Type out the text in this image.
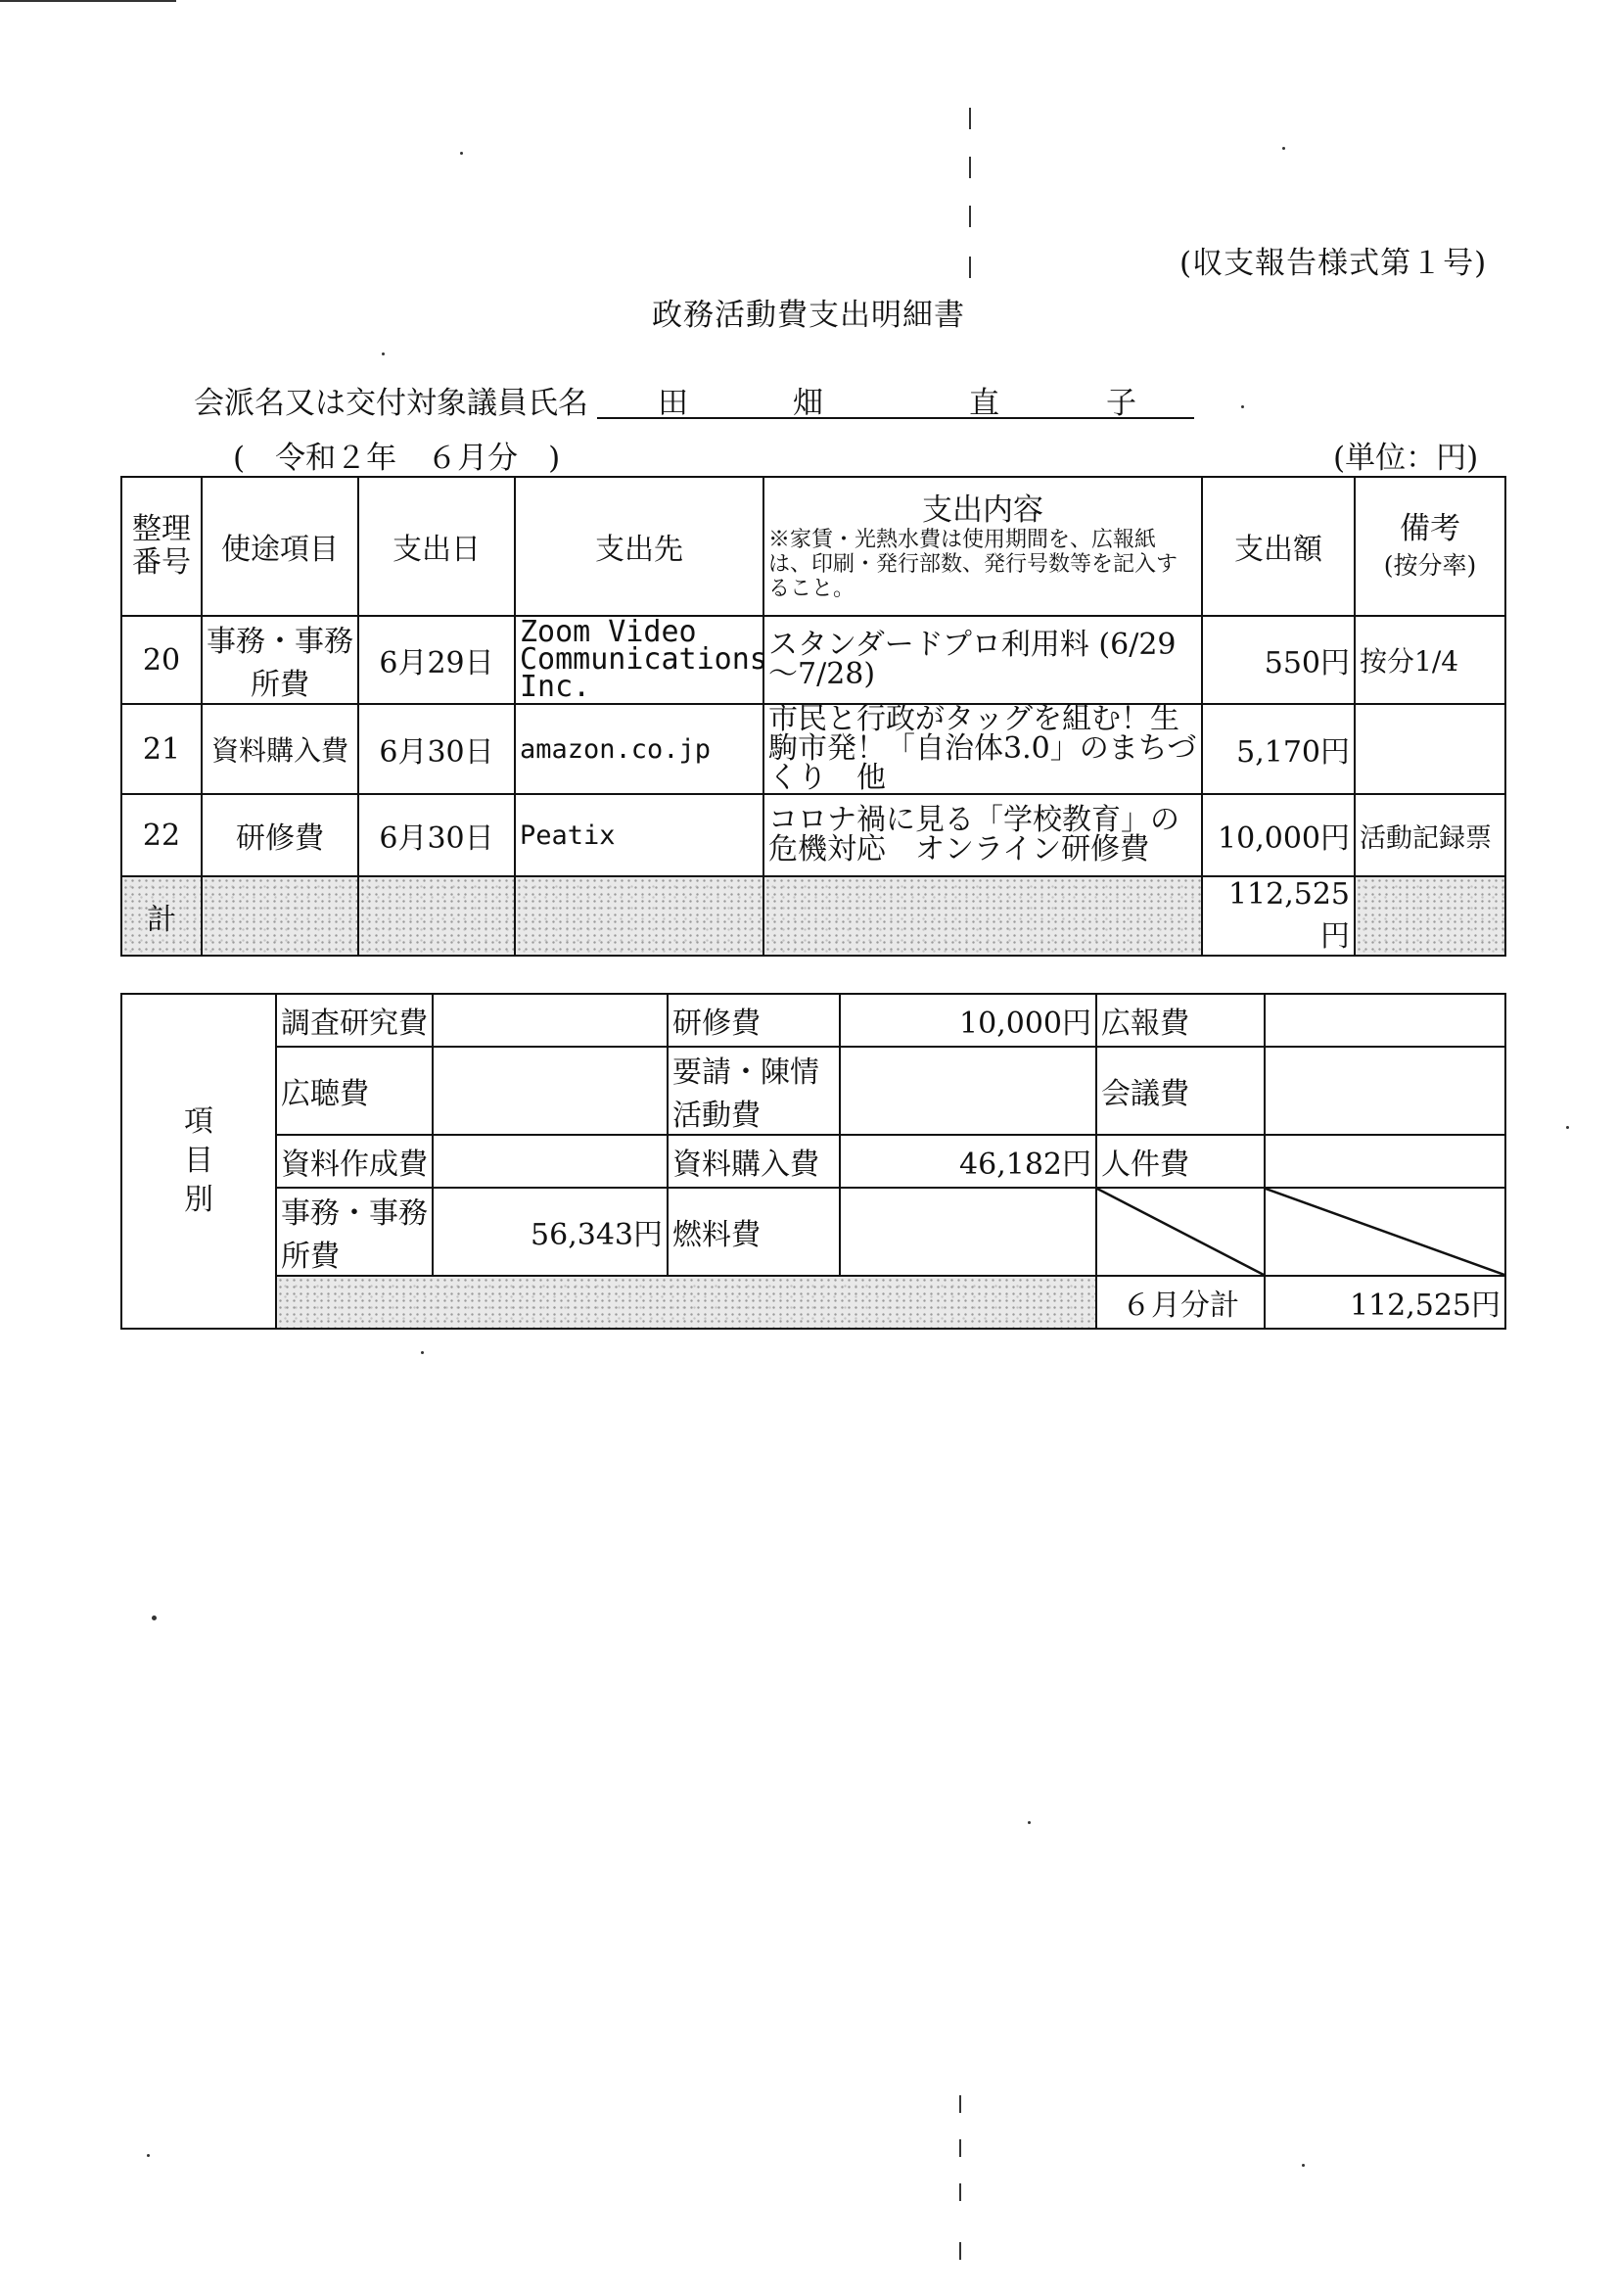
(収支報告様式第１号)
政務活動費支出明細書
会派名又は交付対象議員氏名 田	畑	直	子
(　令和２年　６月分　)	(単位：円)
整理番号	使途項目	支出日	支出先	支出内容
※家賃・光熱水費は使用期間を、広報紙は、印刷・発行部数、発行号数等を記入すること。	支出額	備考
(按分率)

20	事務・事務所費	6月29日	Zoom Video Communications Inc.	スタンダードプロ利用料 (6/29～7/28)	550円	按分1/4
21	資料購入費	6月30日	amazon.co.jp	市民と行政がタッグを組む！生駒市発！「自治体3.0」のまちづくり　他	5,170円	
22	研修費	6月30日	Peatix	コロナ禍に見る「学校教育」の危機対応　オンライン研修費	10,000円	活動記録票
計					112,525円	
項目別	調査研究費		研修費	10,000円	広報費	
	広聴費		要請・陳情活動費		会議費	
	資料作成費		資料購入費	46,182円	人件費	
	事務・事務所費	56,343円	燃料費			
					６月分計	112,525円
